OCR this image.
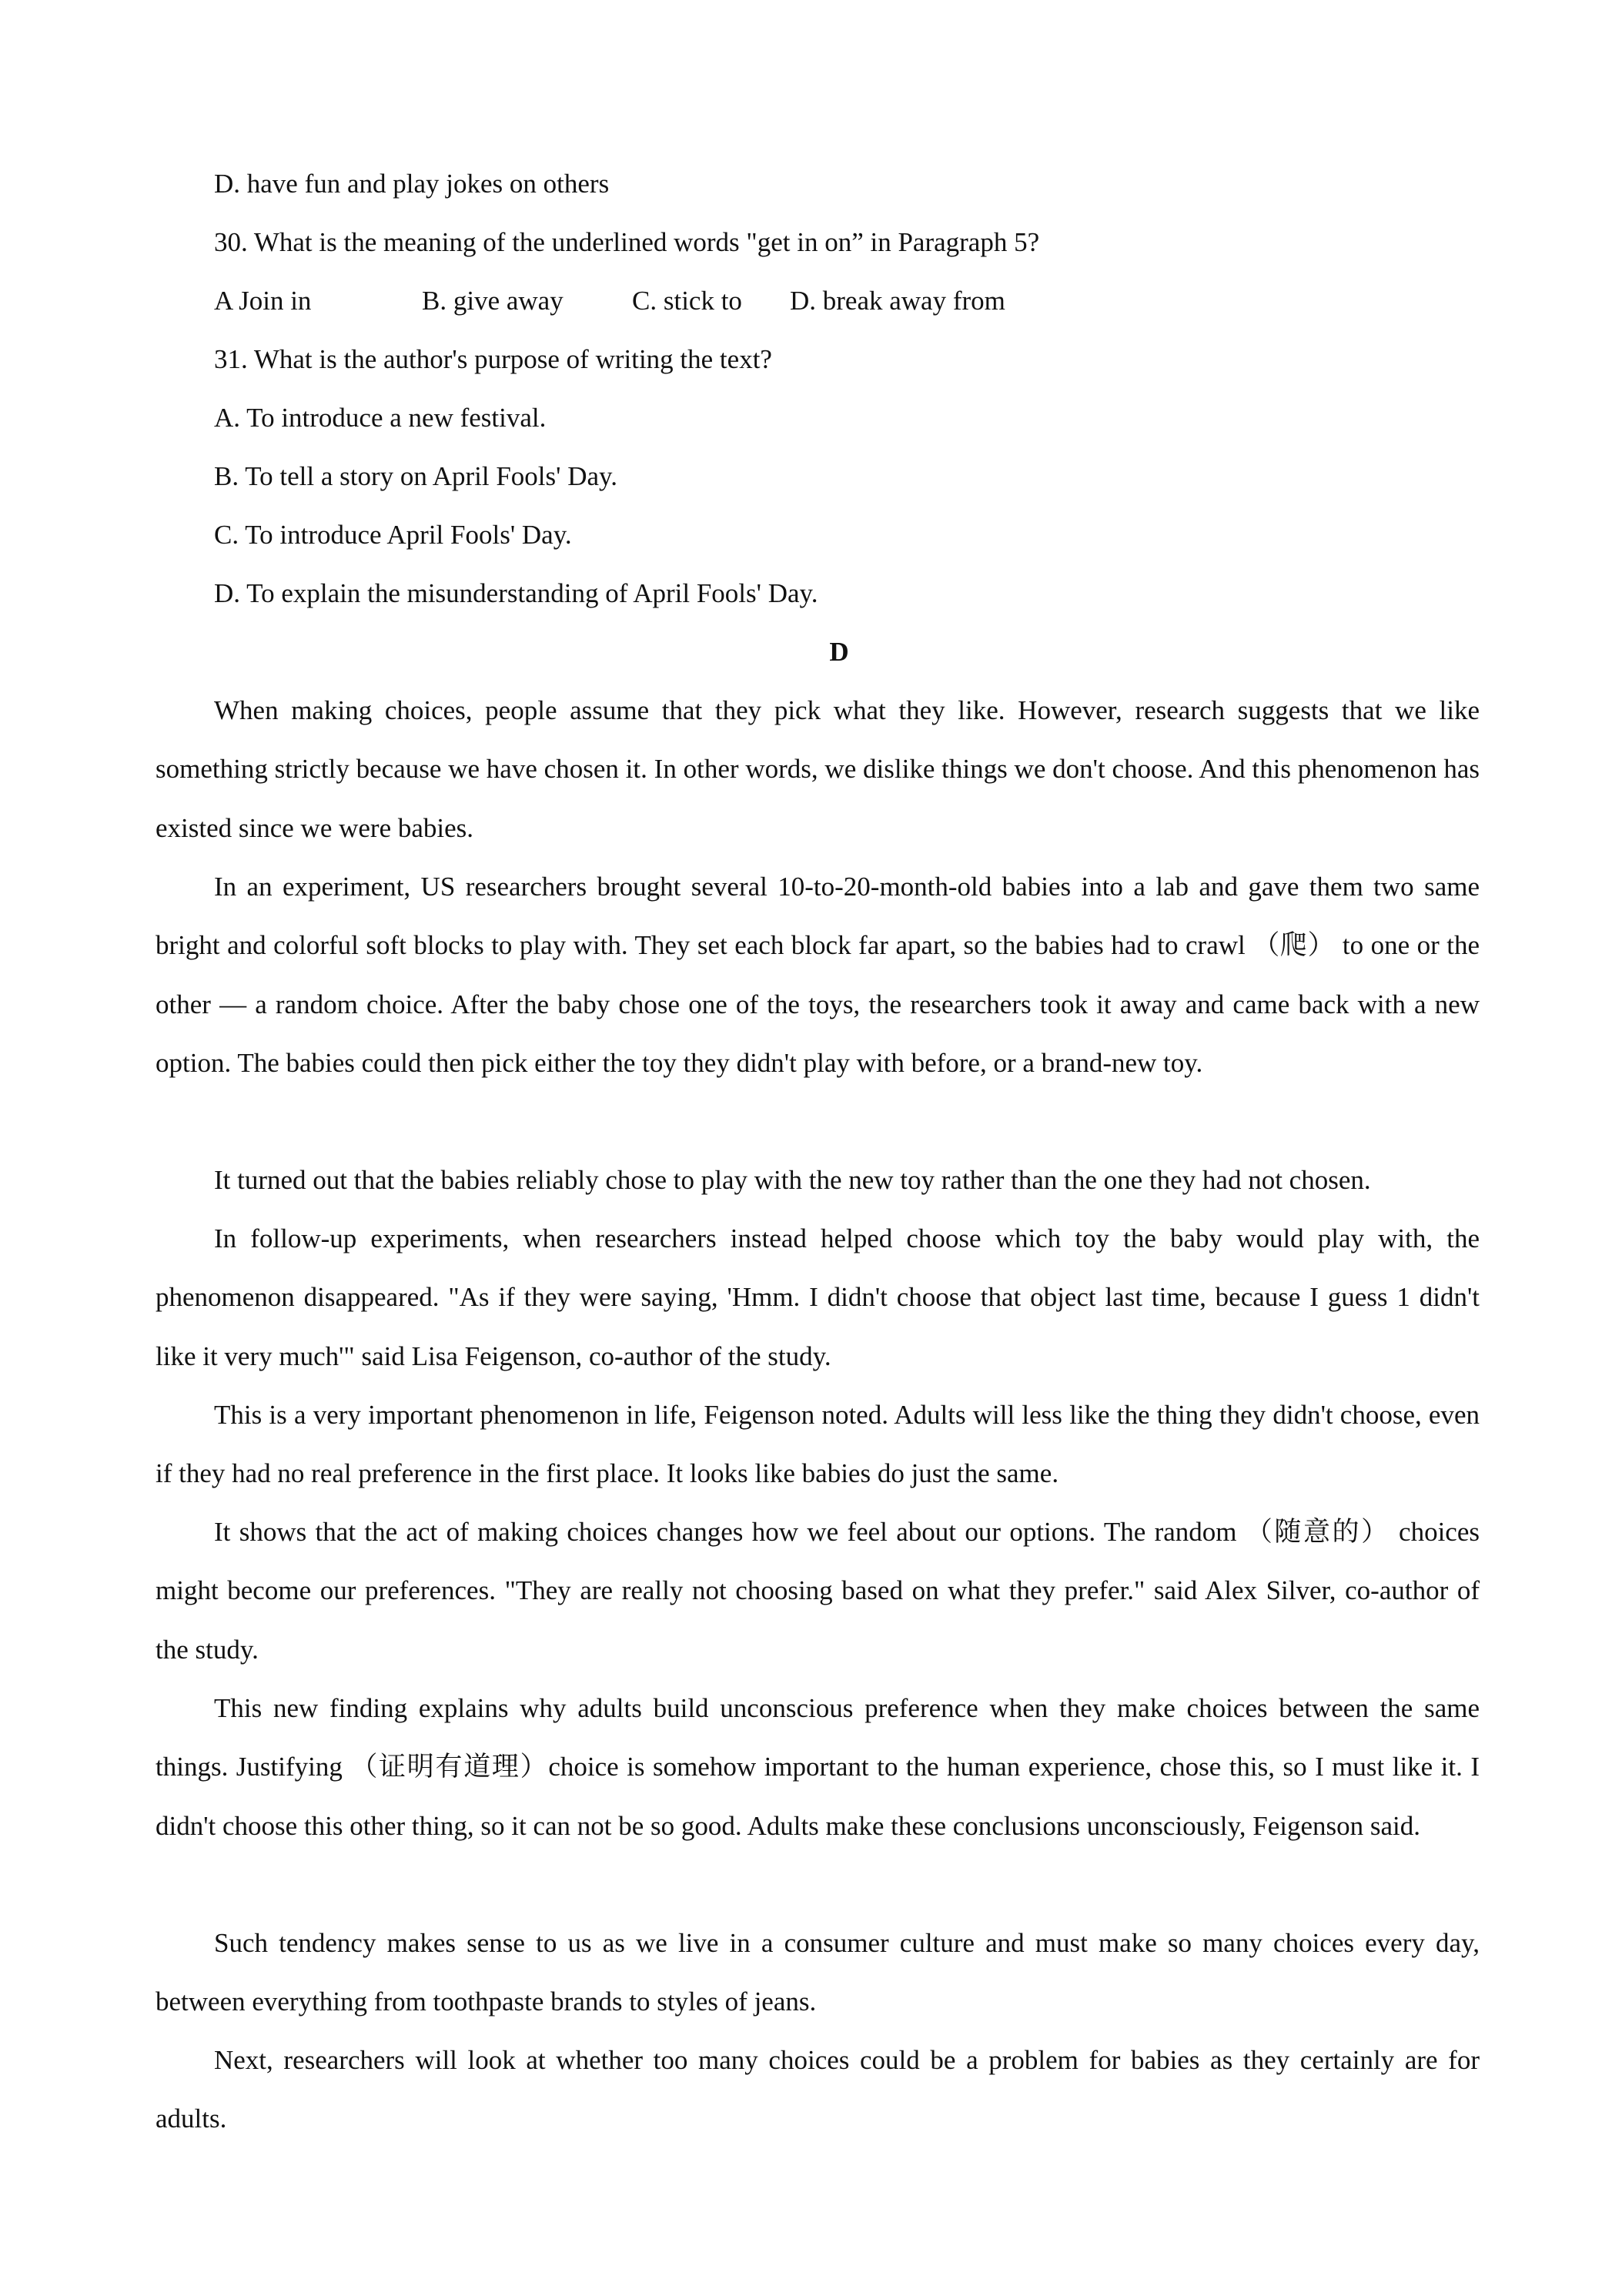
D. have fun and play jokes on others
30. What is the meaning of the underlined words "get in on” in Paragraph 5?
A Join in	B. give away	C. stick to D. break away from
31. What is the author's purpose of writing the text?
A. To introduce a new festival.
B. To tell a story on April Fools' Day.
C. To introduce April Fools' Day.
D. To explain the misunderstanding of April Fools' Day.
D

When making choices, people assume that they pick what they like. However, research suggests that we like something strictly because we have chosen it. In other words, we dislike things we don't choose. And this phenomenon has existed since we were babies.

In an experiment, US researchers brought several 10-to-20-month-old babies into a lab and gave them two same bright and colorful soft blocks to play with. They set each block far apart, so the babies had to crawl （爬） to one or the other — a random choice. After the baby chose one of the toys, the researchers took it away and came back with a new option. The babies could then pick either the toy they didn't play with before, or a brand-new toy.

It turned out that the babies reliably chose to play with the new toy rather than the one they had not chosen.

In follow-up experiments, when researchers instead helped choose which toy the baby would play with, the phenomenon disappeared. "As if they were saying, 'Hmm. I didn't choose that object last time, because I guess 1 didn't like it very much'" said Lisa Feigenson, co-author of the study.

This is a very important phenomenon in life, Feigenson noted. Adults will less like the thing they didn't choose, even if they had no real preference in the first place. It looks like babies do just the same.

It shows that the act of making choices changes how we feel about our options. The random （随意的） choices might become our preferences. "They are really not choosing based on what they prefer." said Alex Silver, co-author of the study.

This new finding explains why adults build unconscious preference when they make choices between the same things. Justifying （证明有道理）choice is somehow important to the human experience, chose this, so I must like it. I didn't choose this other thing, so it can not be so good. Adults make these conclusions unconsciously, Feigenson said.

Such tendency makes sense to us as we live in a consumer culture and must make so many choices every day, between everything from toothpaste brands to styles of jeans.

Next, researchers will look at whether too many choices could be a problem for babies as they certainly are for adults.
